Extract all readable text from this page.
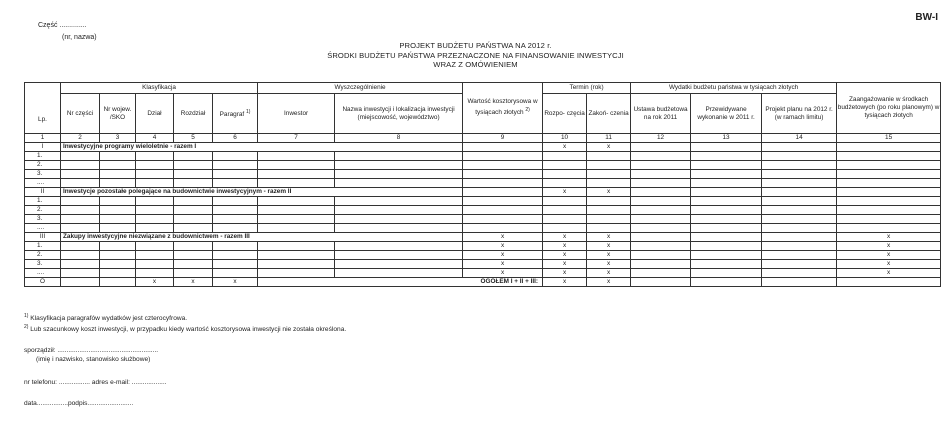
BW-I
Część ..............
(nr, nazwa)
PROJEKT BUDŻETU PAŃSTWA NA 2012 r.
ŚRODKI BUDŻETU PAŃSTWA PRZEZNACZONE NA FINANSOWANIE INWESTYCJI
WRAZ Z OMÓWIENIEM
Lp.	Klasyfikacja					Wyszczególnienie		Wartość kosztorysowa w tysiącach złotych $^{2)}$	Termin (rok)		Wydatki budżetu państwa w tysiącach złotych			Zaangażowanie w środkach budżetowych (po roku planowym) w tysiącach złotych
	Nr części	Nr wojew. /SKO	Dział	Rozdział	Paragraf $^{1)}$	Inwestor	Nazwa inwestycji i lokalizacja inwestycji (miejscowość, województwo)		Rozpo- częcia	Zakoń- czenia	Ustawa budżetowa na rok 2011	Przewidywane wykonanie w 2011 r.	Projekt planu na 2012 r. (w ramach limitu)	
1	2	3	4	5	6	7	8	9	10	11	12	13	14	15
I	Inwestycyjne programy wieloletnie - razem I								x	x				
1.														
2.														
3.														
....														
II	Inwestycje pozostałe polegające na budownictwie inwestycyjnym - razem II								x	x				
1.														
2.														
3.														
....														
III	Zakupy inwestycyjne niezwiązane z budownictwem - razem III							x	x	x				x
1.								x	x	x				x
2.								x	x	x				x
3.								x	x	x				x
....								x	x	x				x
O			x	x	x	OGÓŁEM I + II + III:			x	x				
$^{1)}$ Klasyfikacja paragrafów wydatków jest czterocyfrowa.
$^{2)}$ Lub szacunkowy koszt inwestycji, w przypadku kiedy wartość kosztorysowa inwestycji nie została określona.
sporządził: .......................................................
(imię i nazwisko, stanowisko służbowe)
nr telefonu: ................. adres e-mail: ...................
data.................podpis.........................
